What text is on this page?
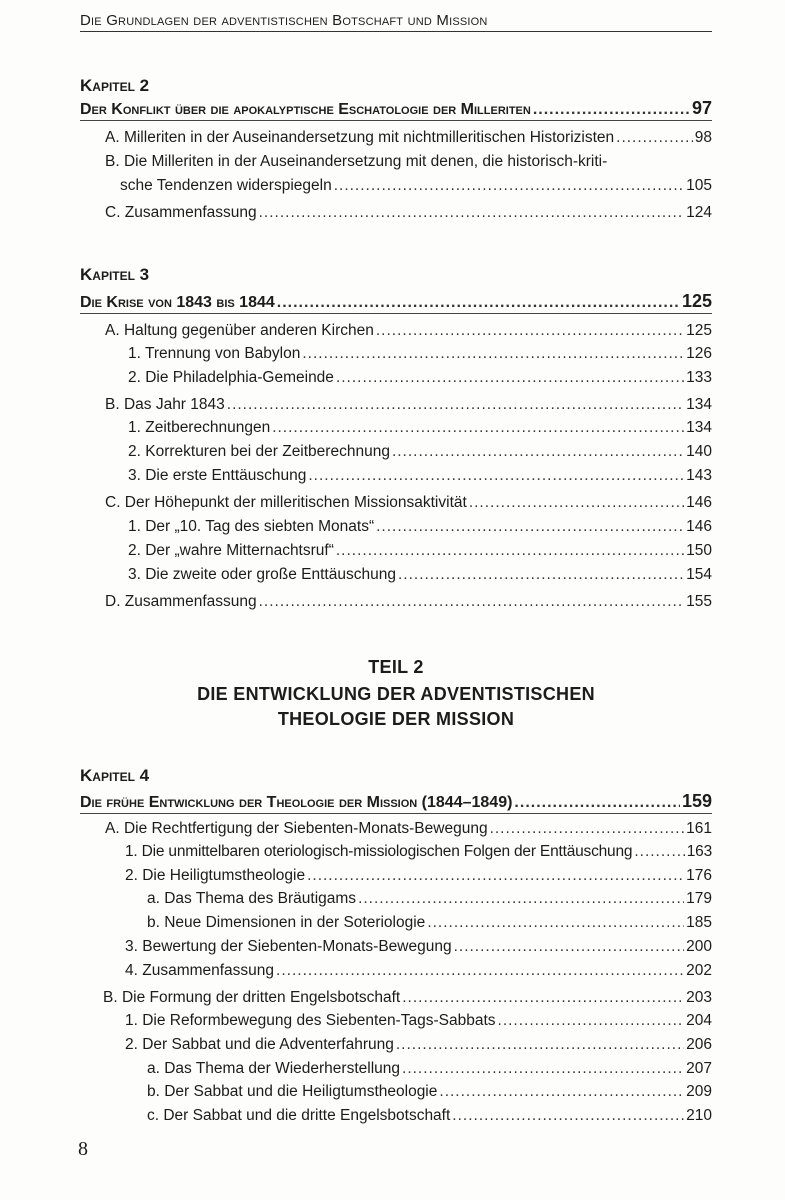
Die Grundlagen der adventistischen Botschaft und Mission
Kapitel 2
Der Konflikt über die apokalyptische Eschatologie der Milleriten .....	97
A. Milleriten in der Auseinandersetzung mit nichtmilleritischen Historizisten .....	98
B. Die Milleriten in der Auseinandersetzung mit denen, die historisch-kriti-
sche Tendenzen widerspiegeln .....	105
C. Zusammenfassung .....	124
Kapitel 3
Die Krise von 1843 bis 1844 .....	125
A. Haltung gegenüber anderen Kirchen .....	125
1. Trennung von Babylon .....	126
2. Die Philadelphia-Gemeinde .....	133
B. Das Jahr 1843 .....	134
1. Zeitberechnungen .....	134
2. Korrekturen bei der Zeitberechnung .....	140
3. Die erste Enttäuschung .....	143
C. Der Höhepunkt der milleritischen Missionsaktivität .....	146
1. Der „10. Tag des siebten Monats“ .....	146
2. Der „wahre Mitternachtsruf“ .....	150
3. Die zweite oder große Enttäuschung .....	154
D. Zusammenfassung .....	155
TEIL 2
DIE ENTWICKLUNG DER ADVENTISTISCHEN
THEOLOGIE DER MISSION
Kapitel 4
Die frühe Entwicklung der Theologie der Mission (1844–1849) .....	159
A. Die Rechtfertigung der Siebenten-Monats-Bewegung .....	161
1. Die unmittelbaren oteriologisch-missiologischen Folgen der Enttäuschung .....	163
2. Die Heiligtumstheologie .....	176
a. Das Thema des Bräutigams .....	179
b. Neue Dimensionen in der Soteriologie .....	185
3. Bewertung der Siebenten-Monats-Bewegung .....	200
4. Zusammenfassung .....	202
B. Die Formung der dritten Engelsbotschaft .....	203
1. Die Reformbewegung des Siebenten-Tags-Sabbats .....	204
2. Der Sabbat und die Adventerfahrung .....	206
a. Das Thema der Wiederherstellung .....	207
b. Der Sabbat und die Heiligtumstheologie .....	209
c. Der Sabbat und die dritte Engelsbotschaft .....	210
8
